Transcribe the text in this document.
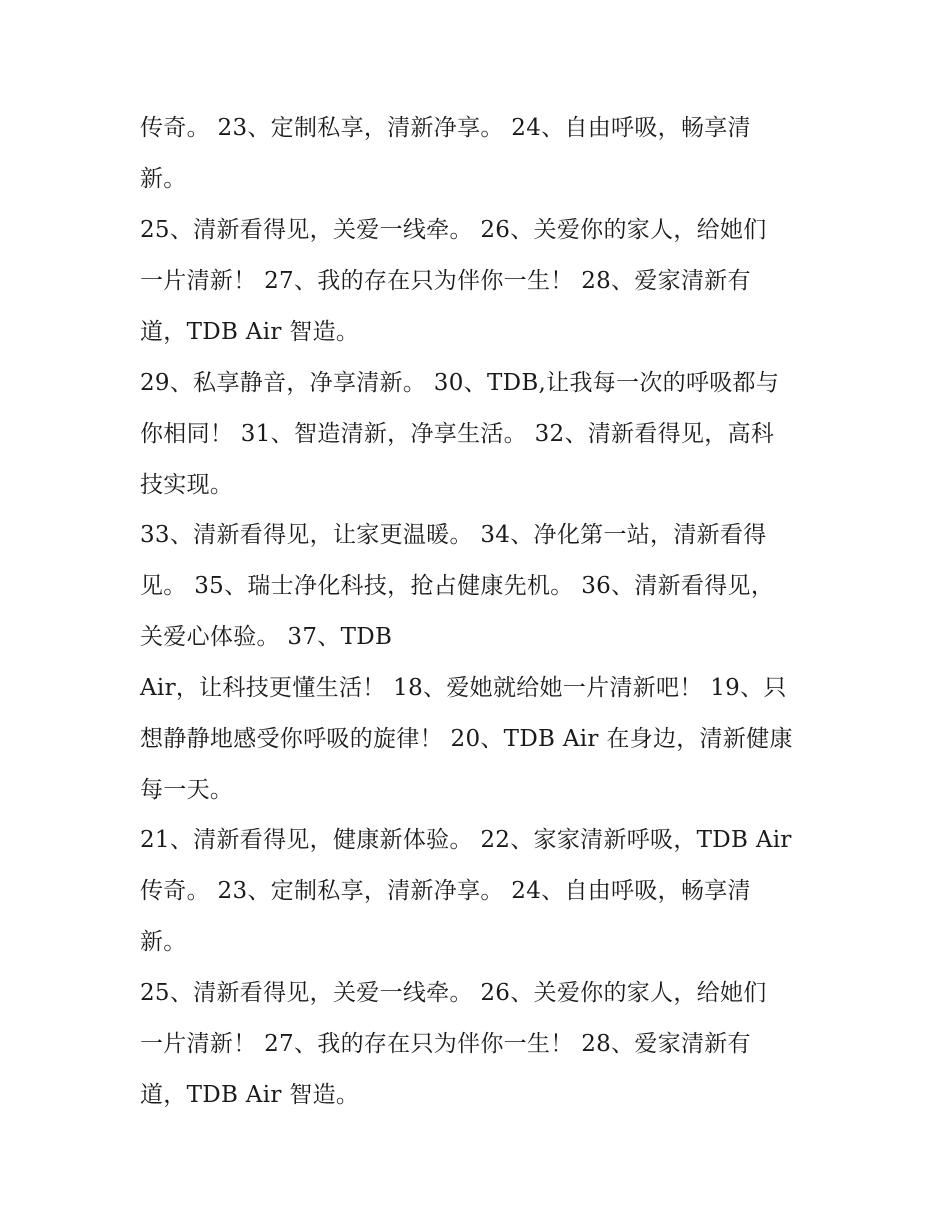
传奇。 23、定制私享，清新净享。 24、自由呼吸，畅享清
新。
25、清新看得见，关爱一线牵。 26、关爱你的家人，给她们
一片清新！ 27、我的存在只为伴你一生！ 28、爱家清新有
道，TDB Air 智造。
29、私享静音，净享清新。 30、TDB,让我每一次的呼吸都与
你相同！ 31、智造清新，净享生活。 32、清新看得见，高科
技实现。
33、清新看得见，让家更温暖。 34、净化第一站，清新看得
见。 35、瑞士净化科技，抢占健康先机。 36、清新看得见，
关爱心体验。 37、TDB
Air，让科技更懂生活！ 18、爱她就给她一片清新吧！ 19、只
想静静地感受你呼吸的旋律！ 20、TDB Air 在身边，清新健康
每一天。
21、清新看得见，健康新体验。 22、家家清新呼吸，TDB Air
传奇。 23、定制私享，清新净享。 24、自由呼吸，畅享清
新。
25、清新看得见，关爱一线牵。 26、关爱你的家人，给她们
一片清新！ 27、我的存在只为伴你一生！ 28、爱家清新有
道，TDB Air 智造。
